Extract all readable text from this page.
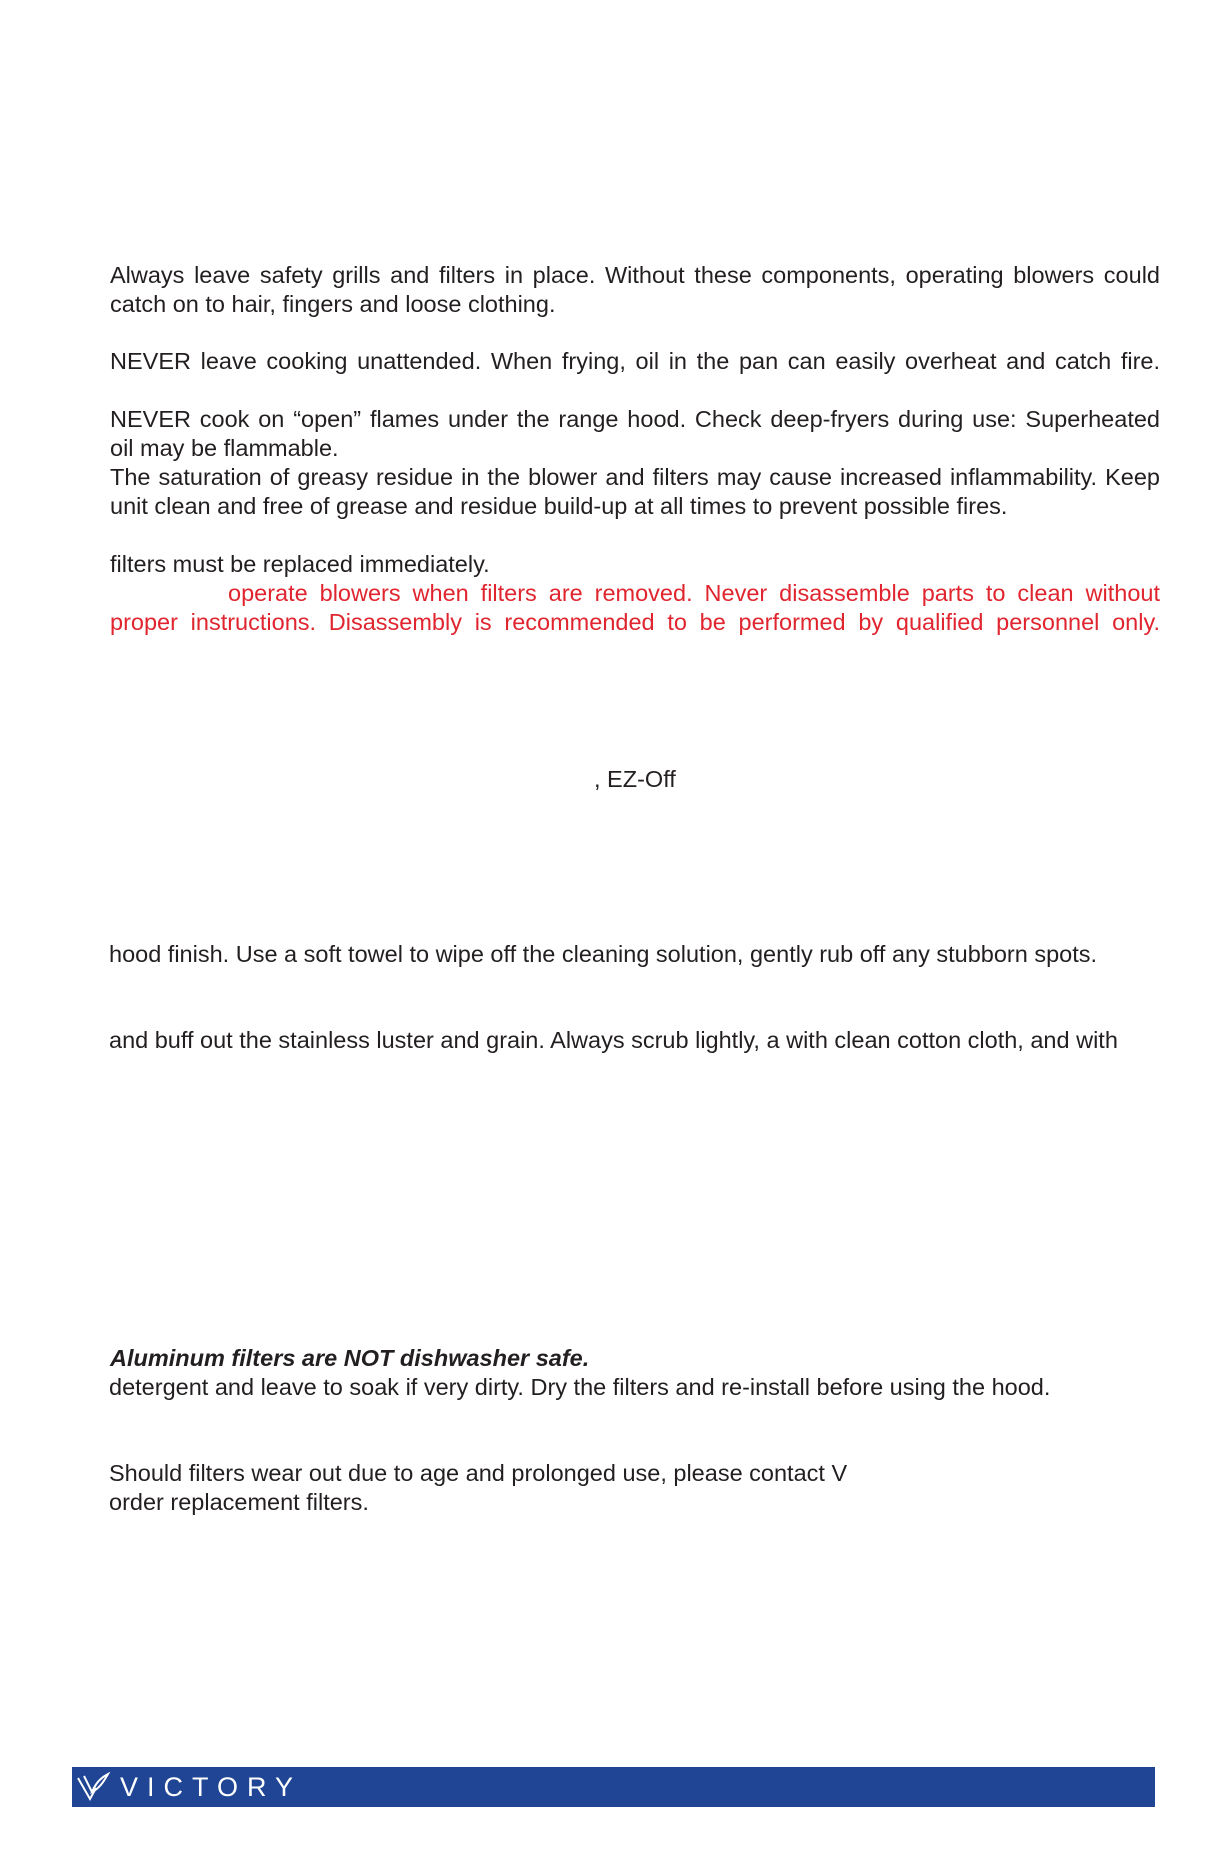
Always leave safety grills and filters in place. Without these components, operating blowers could

catch on to hair, fingers and loose clothing.

NEVER leave cooking unattended. When frying, oil in the pan can easily overheat and catch fire.

NEVER cook on “open” flames under the range hood. Check deep-fryers during use: Superheated

oil may be flammable.

The saturation of greasy residue in the blower and filters may cause increased inflammability. Keep

unit clean and free of grease and residue build-up at all times to prevent possible fires.

filters must be replaced immediately.

operate blowers when filters are removed. Never disassemble parts to clean without

proper instructions. Disassembly is recommended to be performed by qualified personnel only.

, EZ-Off

hood finish. Use a soft towel to wipe off the cleaning solution, gently rub off any stubborn spots.

and buff out the stainless luster and grain. Always scrub lightly, a with clean cotton cloth, and with

Aluminum filters are NOT dishwasher safe.

detergent and leave to soak if very dirty. Dry the filters and re-install before using the hood.

Should filters wear out due to age and prolonged use, please contact V

order replacement filters.

VICTORY
